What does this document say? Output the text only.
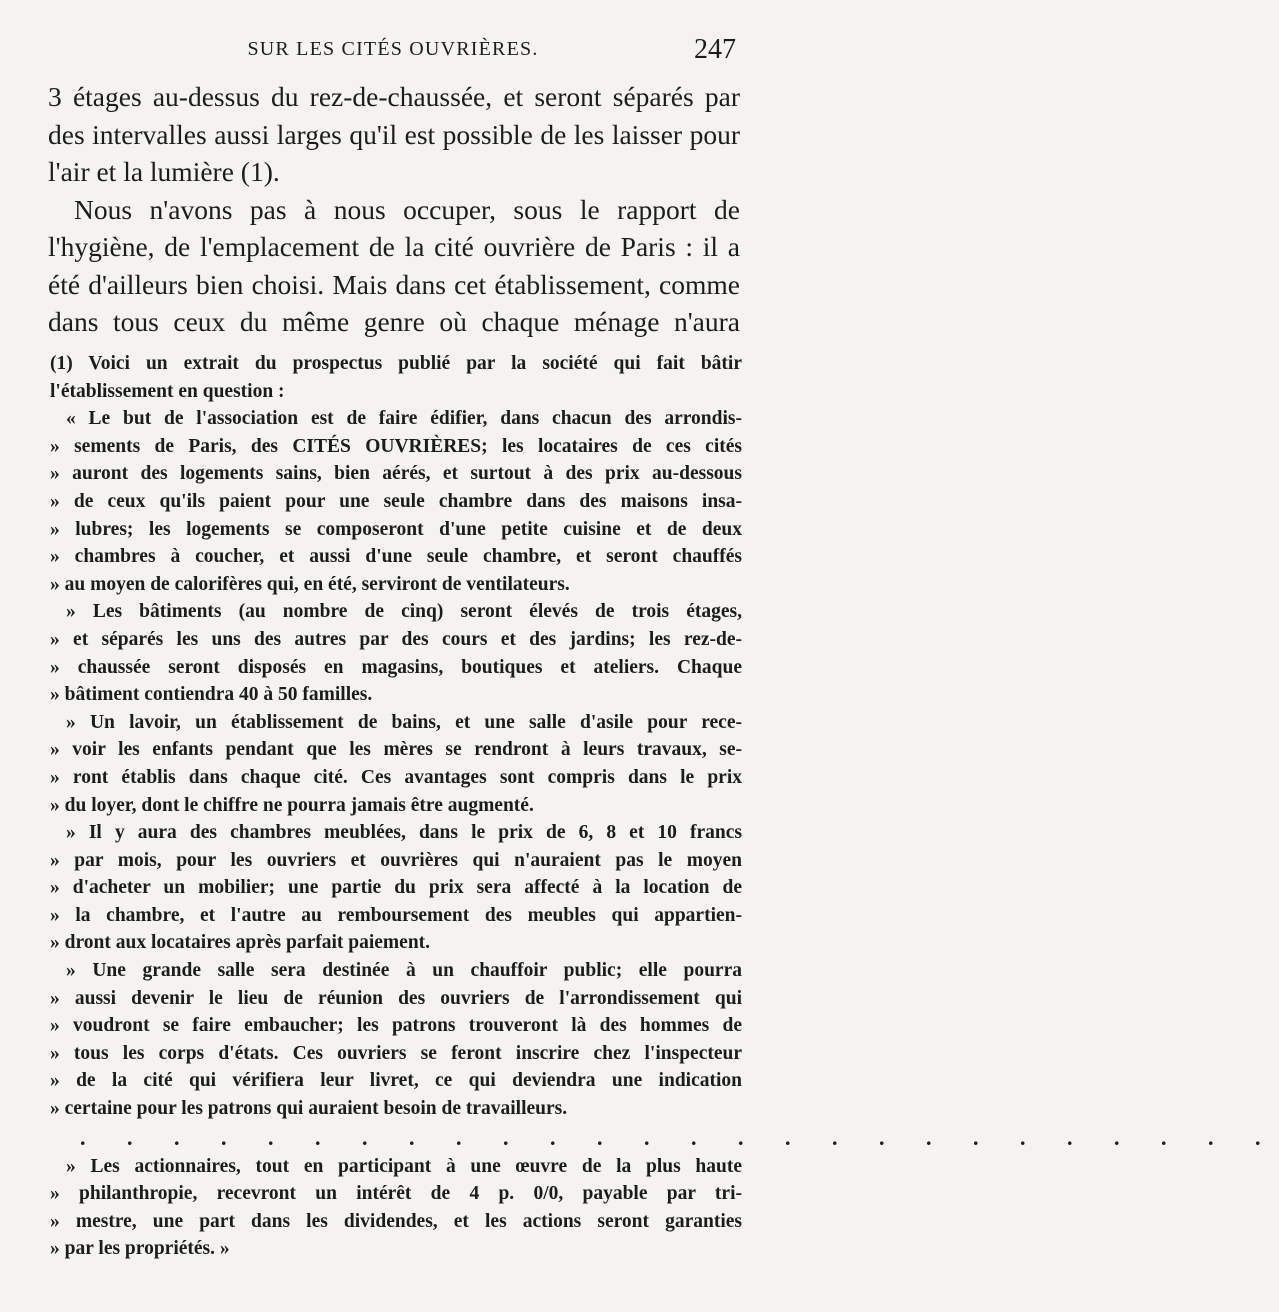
SUR LES CITÉS OUVRIÈRES.	247

3 étages au-dessus du rez-de-chaussée, et seront séparés par des intervalles aussi larges qu'il est possible de les laisser pour l'air et la lumière (1).

Nous n'avons pas à nous occuper, sous le rapport de l'hygiène, de l'emplacement de la cité ouvrière de Paris : il a été d'ailleurs bien choisi. Mais dans cet établissement, comme dans tous ceux du même genre où chaque ménage n'aura

(1) Voici un extrait du prospectus publié par la société qui fait bâtir
l'établissement en question :
« Le but de l'association est de faire édifier, dans chacun des arrondis-
» sements de Paris, des CITÉS OUVRIÈRES; les locataires de ces cités
» auront des logements sains, bien aérés, et surtout à des prix au-dessous
» de ceux qu'ils paient pour une seule chambre dans des maisons insa-
» lubres; les logements se composeront d'une petite cuisine et de deux
» chambres à coucher, et aussi d'une seule chambre, et seront chauffés
» au moyen de calorifères qui, en été, serviront de ventilateurs.
» Les bâtiments (au nombre de cinq) seront élevés de trois étages,
» et séparés les uns des autres par des cours et des jardins; les rez-de-
» chaussée seront disposés en magasins, boutiques et ateliers. Chaque
» bâtiment contiendra 40 à 50 familles.
» Un lavoir, un établissement de bains, et une salle d'asile pour rece-
» voir les enfants pendant que les mères se rendront à leurs travaux, se-
» ront établis dans chaque cité. Ces avantages sont compris dans le prix
» du loyer, dont le chiffre ne pourra jamais être augmenté.
» Il y aura des chambres meublées, dans le prix de 6, 8 et 10 francs
» par mois, pour les ouvriers et ouvrières qui n'auraient pas le moyen
» d'acheter un mobilier; une partie du prix sera affecté à la location de
» la chambre, et l'autre au remboursement des meubles qui appartien-
» dront aux locataires après parfait paiement.
» Une grande salle sera destinée à un chauffoir public; elle pourra
» aussi devenir le lieu de réunion des ouvriers de l'arrondissement qui
» voudront se faire embaucher; les patrons trouveront là des hommes de
» tous les corps d'états. Ces ouvriers se feront inscrire chez l'inspecteur
» de la cité qui vérifiera leur livret, ce qui deviendra une indication
» certaine pour les patrons qui auraient besoin de travailleurs.
. . . . . . . . . . . . . . . . . . . . . . . . . .
» Les actionnaires, tout en participant à une œuvre de la plus haute
» philanthropie, recevront un intérêt de 4 p. 0/0, payable par tri-
» mestre, une part dans les dividendes, et les actions seront garanties
» par les propriétés. »
